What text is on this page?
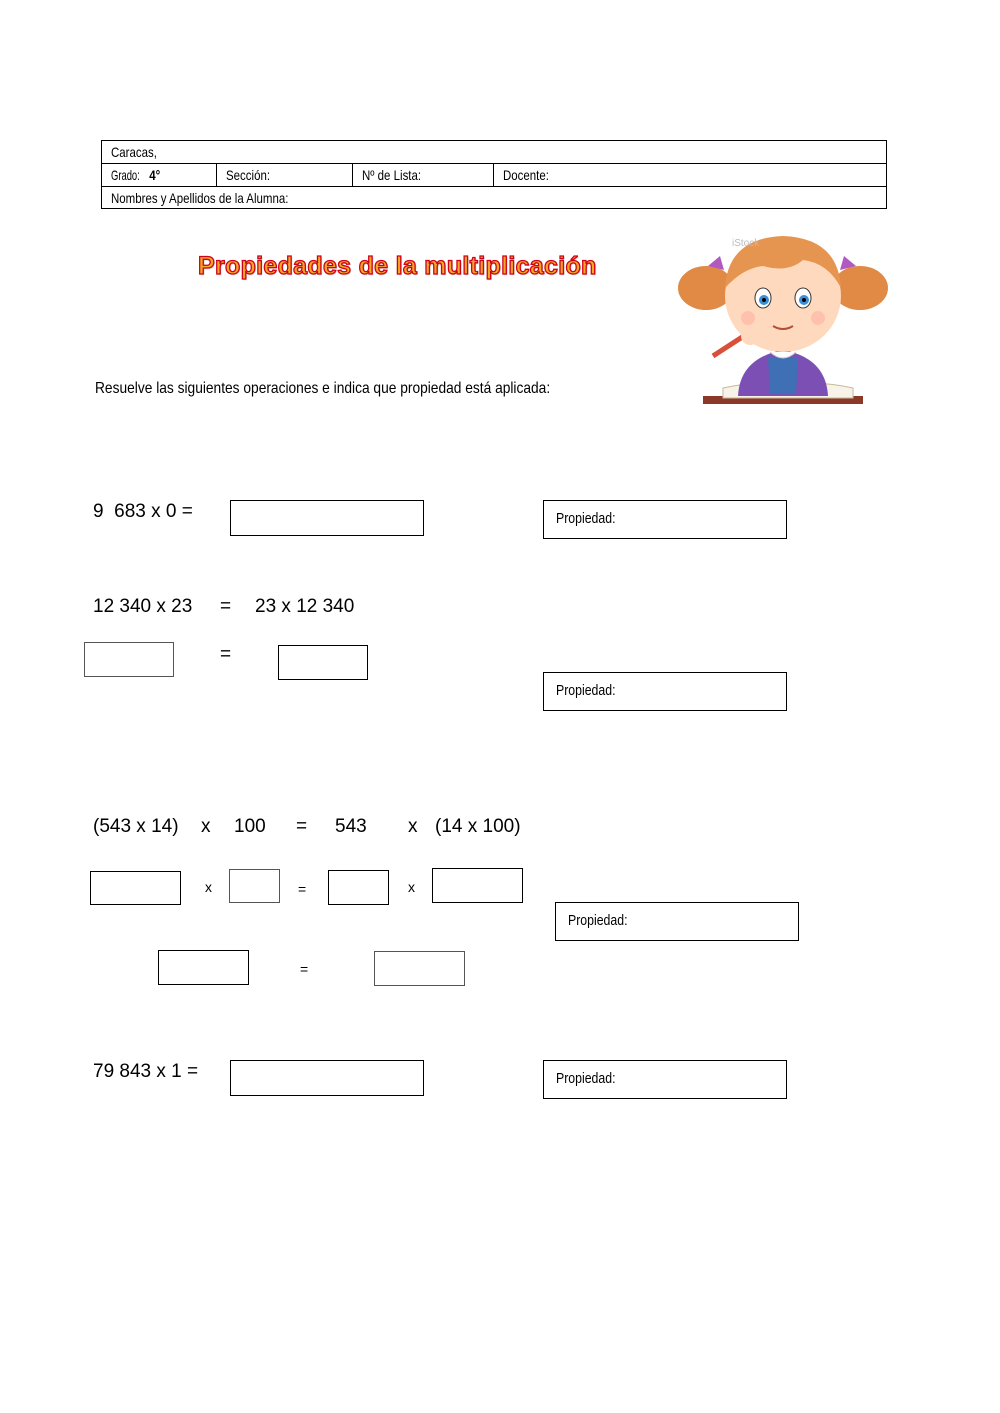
Caracas,
Grado: 4°	Sección:	Nº de Lista:	Docente:
Nombres y Apellidos de la Alumna:
Propiedades de la multiplicación
iStock
Resuelve las siguientes operaciones e indica que propiedad está aplicada:
9  683 x 0 =	Propiedad:
12 340 x 23 = 23 x 12 340
=
Propiedad:
(543 x 14) x 100 = 543 x (14 x 100)
x	=	x
Propiedad:
=
79 843 x 1 =	Propiedad:
